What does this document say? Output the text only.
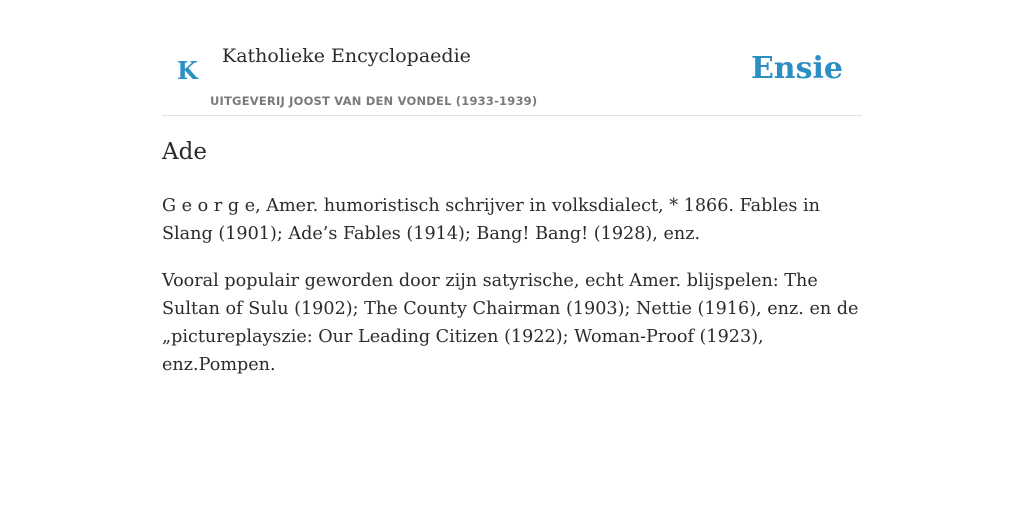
K Katholieke Encyclopaedie
UITGEVERIJ JOOST VAN DEN VONDEL (1933-1939)
Ensie
Ade

G e o r g e, Amer. humoristisch schrijver in volksdialect, * 1866. Fables in Slang (1901); Ade’s Fables (1914); Bang! Bang! (1928), enz.

Vooral populair geworden door zijn satyrische, echt Amer. blijspelen: The Sultan of Sulu (1902); The County Chairman (1903); Nettie (1916), enz. en de „pictureplayszie: Our Leading Citizen (1922); Woman-Proof (1923), enz.Pompen.
